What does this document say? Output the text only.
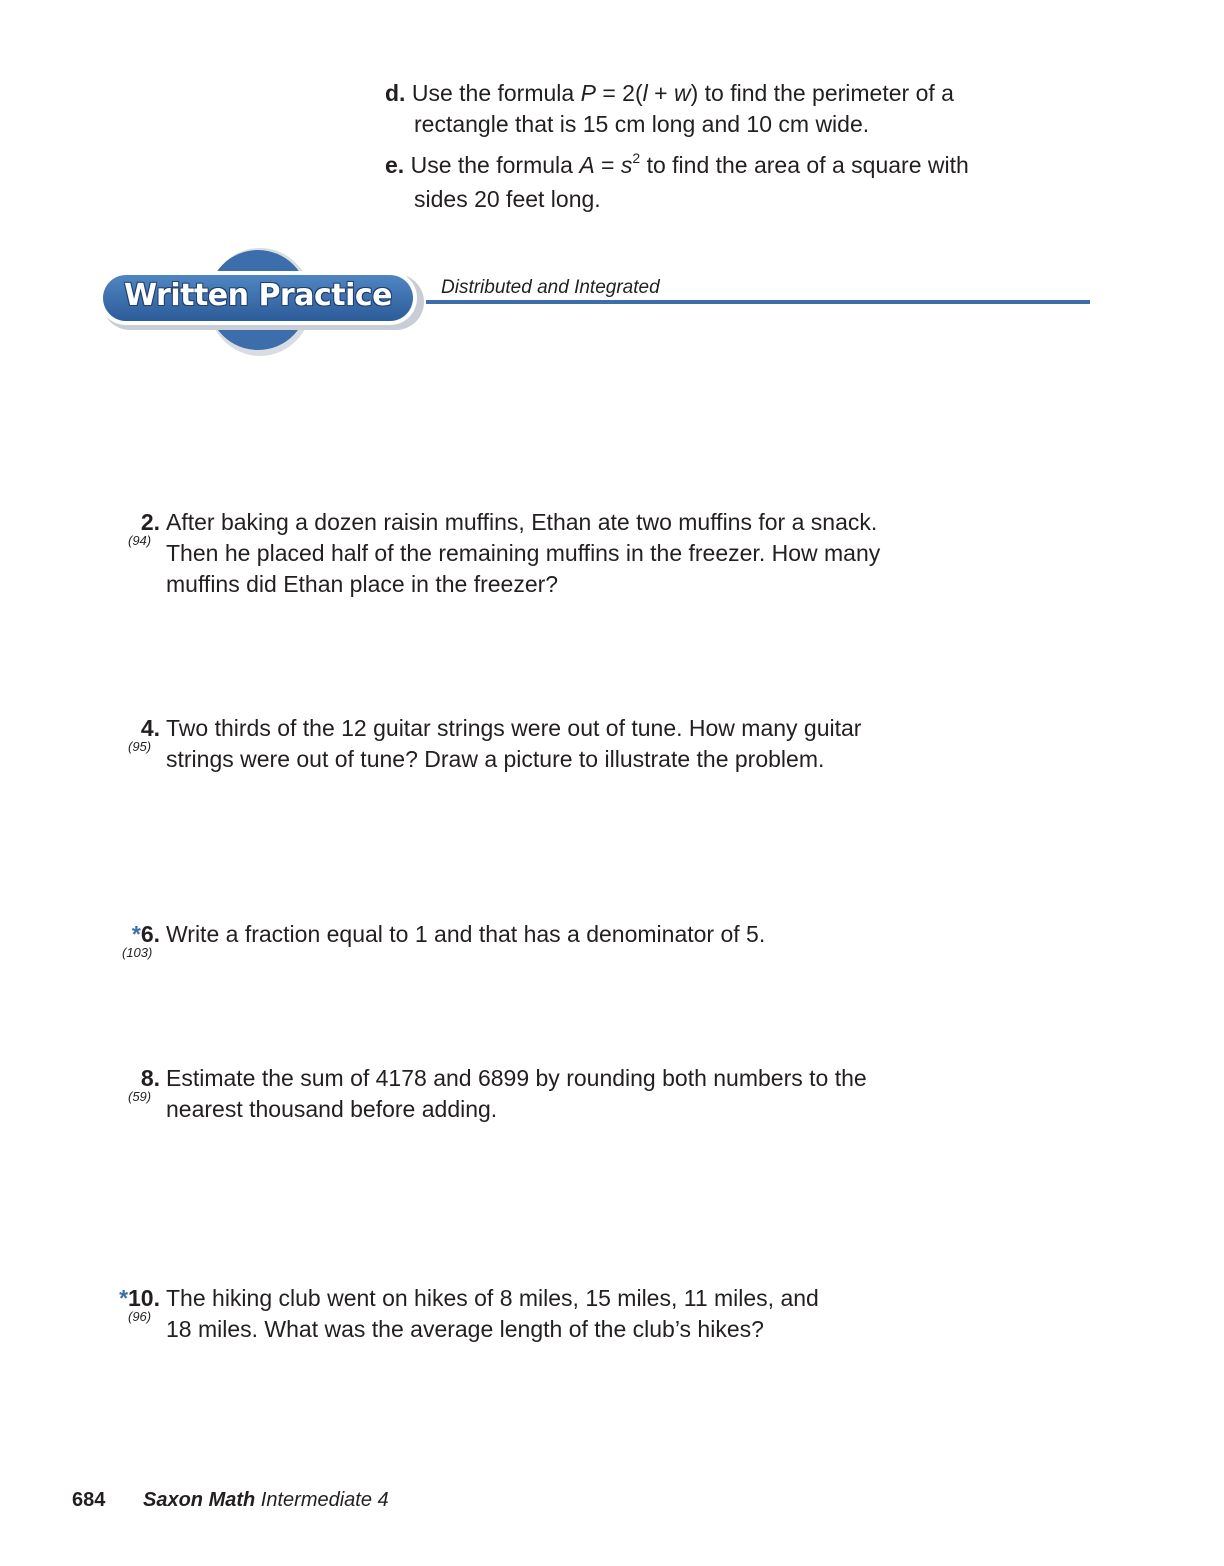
d. Use the formula P = 2(l + w) to find the perimeter of a
rectangle that is 15 cm long and 10 cm wide.
e. Use the formula $A = s^2$ to find the area of a square with
sides 20 feet long.
Written Practice	Distributed and Integrated
2.
(94)
After baking a dozen raisin muffins, Ethan ate two muffins for a snack.
Then he placed half of the remaining muffins in the freezer. How many
muffins did Ethan place in the freezer?
4.
(95)
Two thirds of the 12 guitar strings were out of tune. How many guitar
strings were out of tune? Draw a picture to illustrate the problem.
*6.
(103)
Write a fraction equal to 1 and that has a denominator of 5.
8.
(59)
Estimate the sum of 4178 and 6899 by rounding both numbers to the
nearest thousand before adding.
*10.
(96)
The hiking club went on hikes of 8 miles, 15 miles, 11 miles, and
18 miles. What was the average length of the club’s hikes?
684 Saxon Math Intermediate 4
